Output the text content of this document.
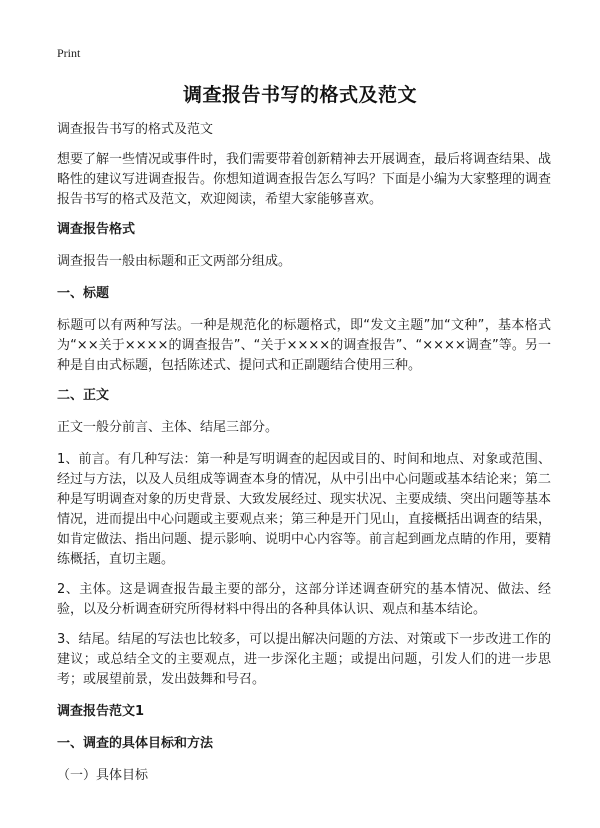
Print
调查报告书写的格式及范文

调查报告书写的格式及范文

想要了解一些情况或事件时，我们需要带着创新精神去开展调查，最后将调查结果、战略性的建议写进调查报告。你想知道调查报告怎么写吗？下面是小编为大家整理的调查报告书写的格式及范文，欢迎阅读，希望大家能够喜欢。

调查报告格式

调查报告一般由标题和正文两部分组成。

一、标题

标题可以有两种写法。一种是规范化的标题格式，即“发文主题”加“文种”，基本格式为“××关于××××的调查报告”、“关于××××的调查报告”、“××××调查”等。另一种是自由式标题，包括陈述式、提问式和正副题结合使用三种。

二、正文

正文一般分前言、主体、结尾三部分。

1、前言。有几种写法：第一种是写明调查的起因或目的、时间和地点、对象或范围、经过与方法，以及人员组成等调查本身的情况，从中引出中心问题或基本结论来；第二种是写明调查对象的历史背景、大致发展经过、现实状况、主要成绩、突出问题等基本情况，进而提出中心问题或主要观点来；第三种是开门见山，直接概括出调查的结果，如肯定做法、指出问题、提示影响、说明中心内容等。前言起到画龙点睛的作用，要精练概括，直切主题。

2、主体。这是调查报告最主要的部分，这部分详述调查研究的基本情况、做法、经验，以及分析调查研究所得材料中得出的各种具体认识、观点和基本结论。

3、结尾。结尾的写法也比较多，可以提出解决问题的方法、对策或下一步改进工作的建议；或总结全文的主要观点，进一步深化主题；或提出问题，引发人们的进一步思考；或展望前景，发出鼓舞和号召。

调查报告范文1

一、调查的具体目标和方法

（一）具体目标
